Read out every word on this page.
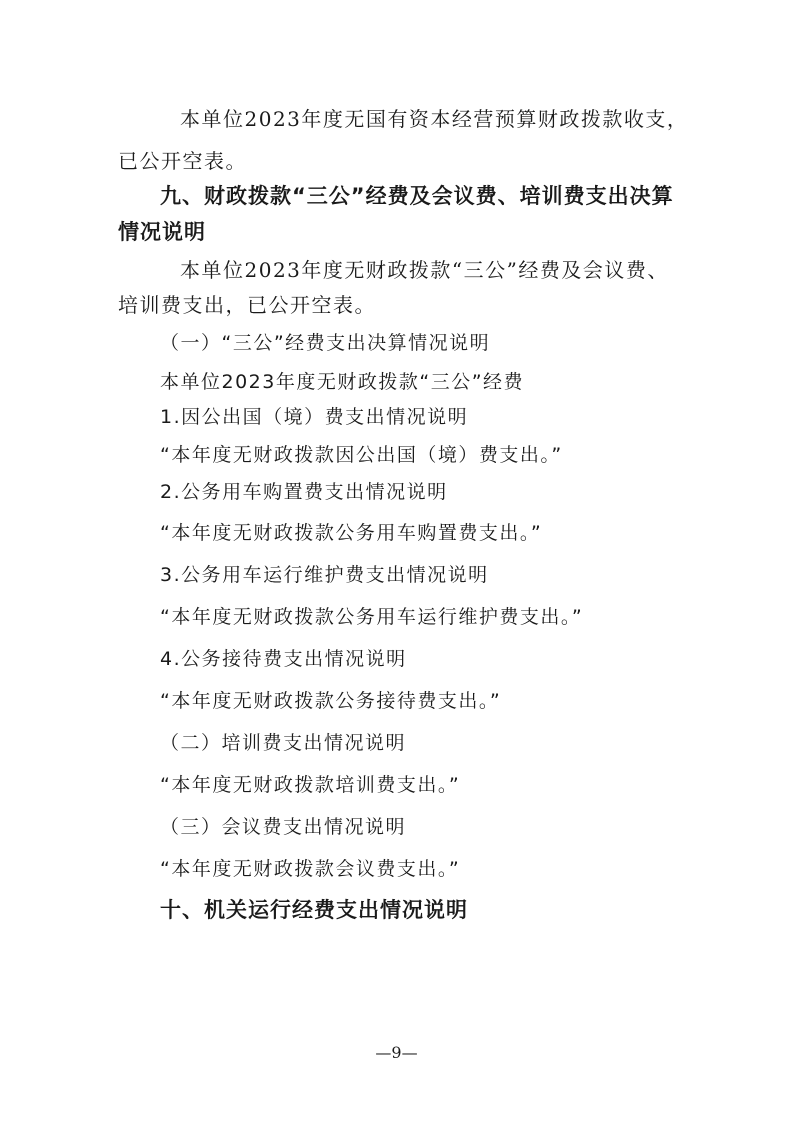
本单位2023年度无国有资本经营预算财政拨款收支，
已公开空表。
九、财政拨款“三公”经费及会议费、培训费支出决算
情况说明
本单位2023年度无财政拨款“三公”经费及会议费、
培训费支出，已公开空表。
（一）“三公”经费支出决算情况说明
本单位2023年度无财政拨款“三公”经费
1.因公出国（境）费支出情况说明
“本年度无财政拨款因公出国（境）费支出。”
2.公务用车购置费支出情况说明
“本年度无财政拨款公务用车购置费支出。”
3.公务用车运行维护费支出情况说明
“本年度无财政拨款公务用车运行维护费支出。”
4.公务接待费支出情况说明
“本年度无财政拨款公务接待费支出。”
（二）培训费支出情况说明
“本年度无财政拨款培训费支出。”
（三）会议费支出情况说明
“本年度无财政拨款会议费支出。”
十、机关运行经费支出情况说明
—9—
